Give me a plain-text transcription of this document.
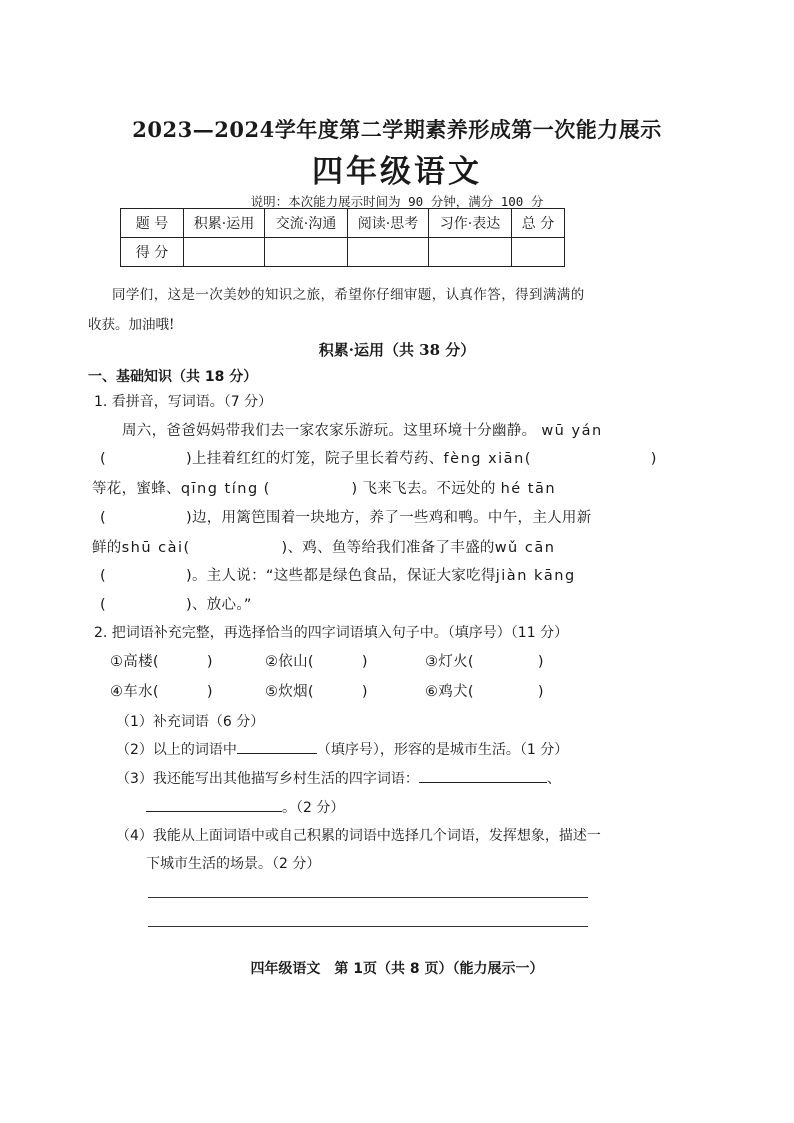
2023—2024学年度第二学期素养形成第一次能力展示
四年级语文
说明：本次能力展示时间为 90 分钟，满分 100 分
题 号	积累·运用	交流·沟通	阅读·思考	习作·表达	总 分
得 分					
同学们，这是一次美妙的知识之旅，希望你仔细审题，认真作答，得到满满的
收获。加油哦!
积累·运用（共 38 分）
一、基础知识（共 18 分）
1. 看拼音，写词语。（7 分）
周六，爸爸妈妈带我们去一家农家乐游玩。这里环境十分幽静。 wū yán
(	)上挂着红红的灯笼，院子里长着芍药、fèng xiān(	)
等花，蜜蜂、qīng tíng (	) 飞来飞去。不远处的 hé tān
(	)边，用篱笆围着一块地方，养了一些鸡和鸭。中午，主人用新
鲜的shū cài(	)、鸡、鱼等给我们准备了丰盛的wǔ cān
(	)。主人说：“这些都是绿色食品，保证大家吃得jiàn kāng
(	)、放心。”
2. 把词语补充完整，再选择恰当的四字词语填入句子中。（填序号）（11 分）
①高楼(	)	②依山(	)	③灯火(	)
④车水(	)	⑤炊烟(	)	⑥鸡犬(	)
（1）补充词语（6 分）
（2）以上的词语中	（填序号），形容的是城市生活。（1 分）
（3）我还能写出其他描写乡村生活的四字词语：	、
。（2 分）
（4）我能从上面词语中或自己积累的词语中选择几个词语，发挥想象，描述一
下城市生活的场景。（2 分）
四年级语文　第 1页（共 8 页）（能力展示一）
